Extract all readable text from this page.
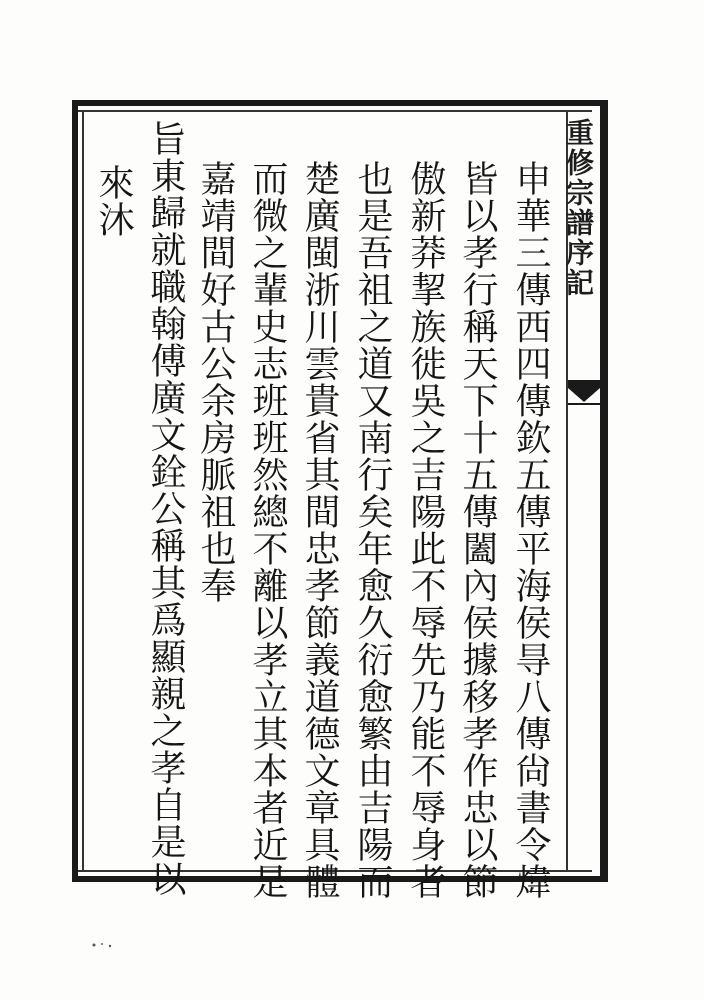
重修宗譜序記
申華三傳西四傳欽五傳平海侯㝵八傳尙書令煒
皆以孝行稱天下十五傳闔內侯據移孝作忠以節
傲新莽挈族徙吳之吉陽此不辱先乃能不辱身者
也是吾祖之道又南行矣年愈久衍愈繁由吉陽而
楚廣閩浙川雲貴省其間忠孝節義道德文章具體
而微之輩史志班班然總不離以孝立其本者近是
嘉靖間好古公余房脈祖也奉
旨東歸就職翰傅廣文銓公稱其爲顯親之孝自是以
來沐
